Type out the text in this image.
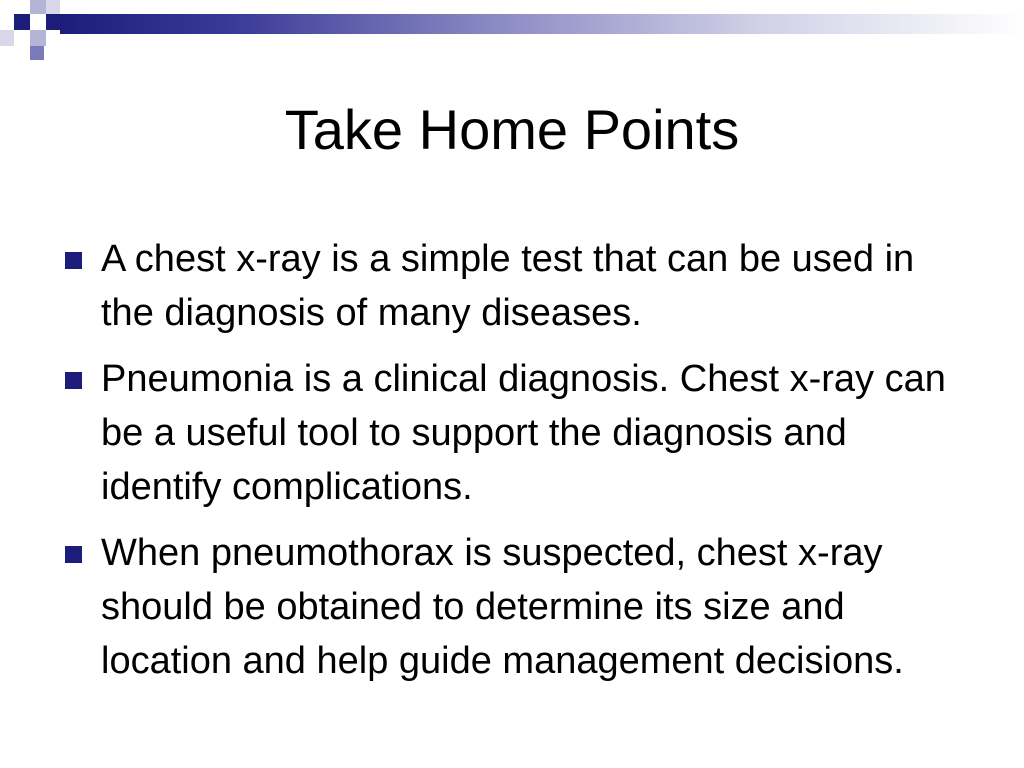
Take Home Points
A chest x-ray is a simple test that can be used in the diagnosis of many diseases.
Pneumonia is a clinical diagnosis. Chest x-ray can be a useful tool to support the diagnosis and identify complications.
When pneumothorax is suspected, chest x-ray should be obtained to determine its size and location and help guide management decisions.
